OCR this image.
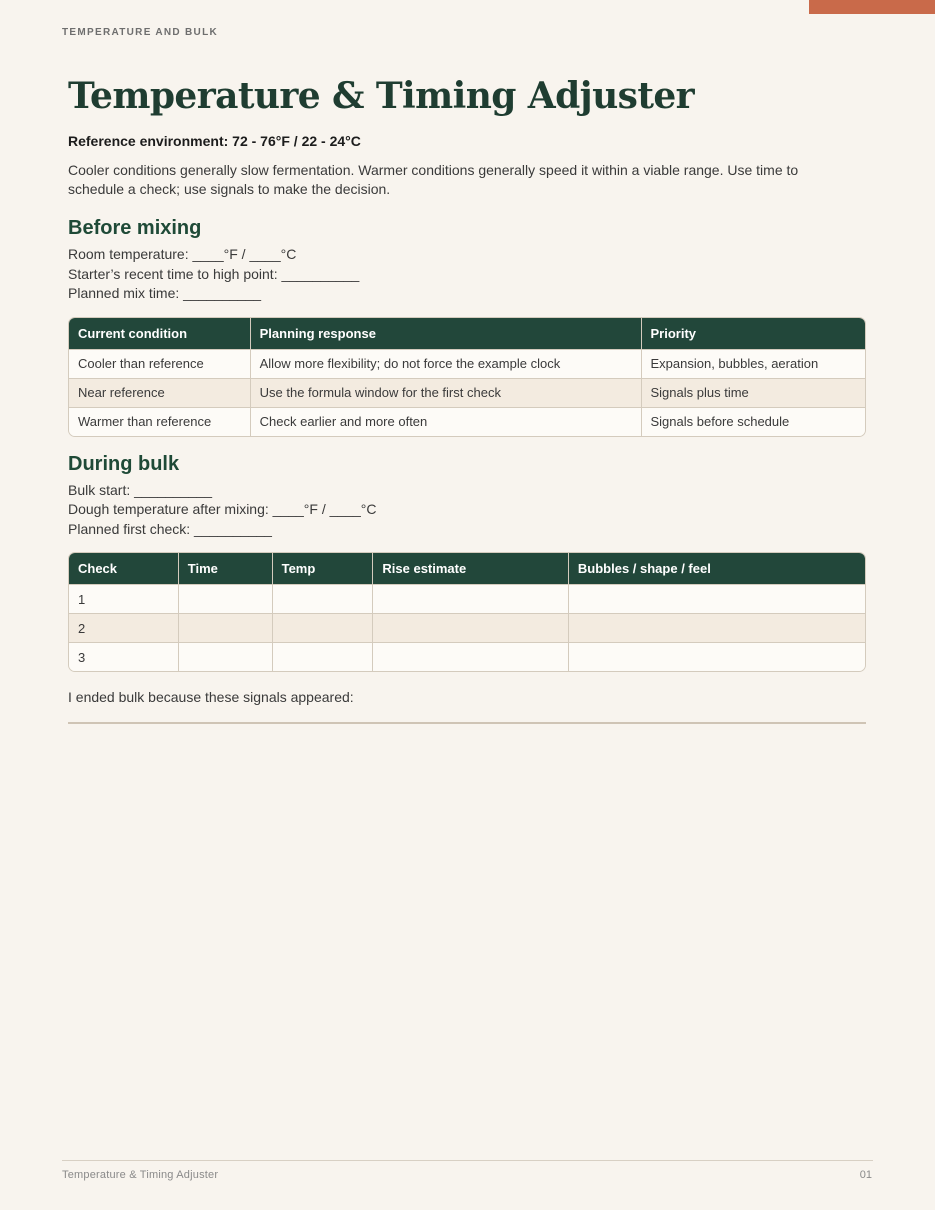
TEMPERATURE AND BULK
Temperature & Timing Adjuster
Reference environment: 72 - 76°F / 22 - 24°C
Cooler conditions generally slow fermentation. Warmer conditions generally speed it within a viable range. Use time to schedule a check; use signals to make the decision.
Before mixing
Room temperature: ____°F / ____°C
Starter’s recent time to high point: __________
Planned mix time: __________
Current condition	Planning response	Priority
Cooler than reference	Allow more flexibility; do not force the example clock	Expansion, bubbles, aeration
Near reference	Use the formula window for the first check	Signals plus time
Warmer than reference	Check earlier and more often	Signals before schedule
During bulk
Bulk start: __________
Dough temperature after mixing: ____°F / ____°C
Planned first check: __________
Check	Time	Temp	Rise estimate	Bubbles / shape / feel
1				
2				
3				
I ended bulk because these signals appeared:
Temperature & Timing Adjuster	01
